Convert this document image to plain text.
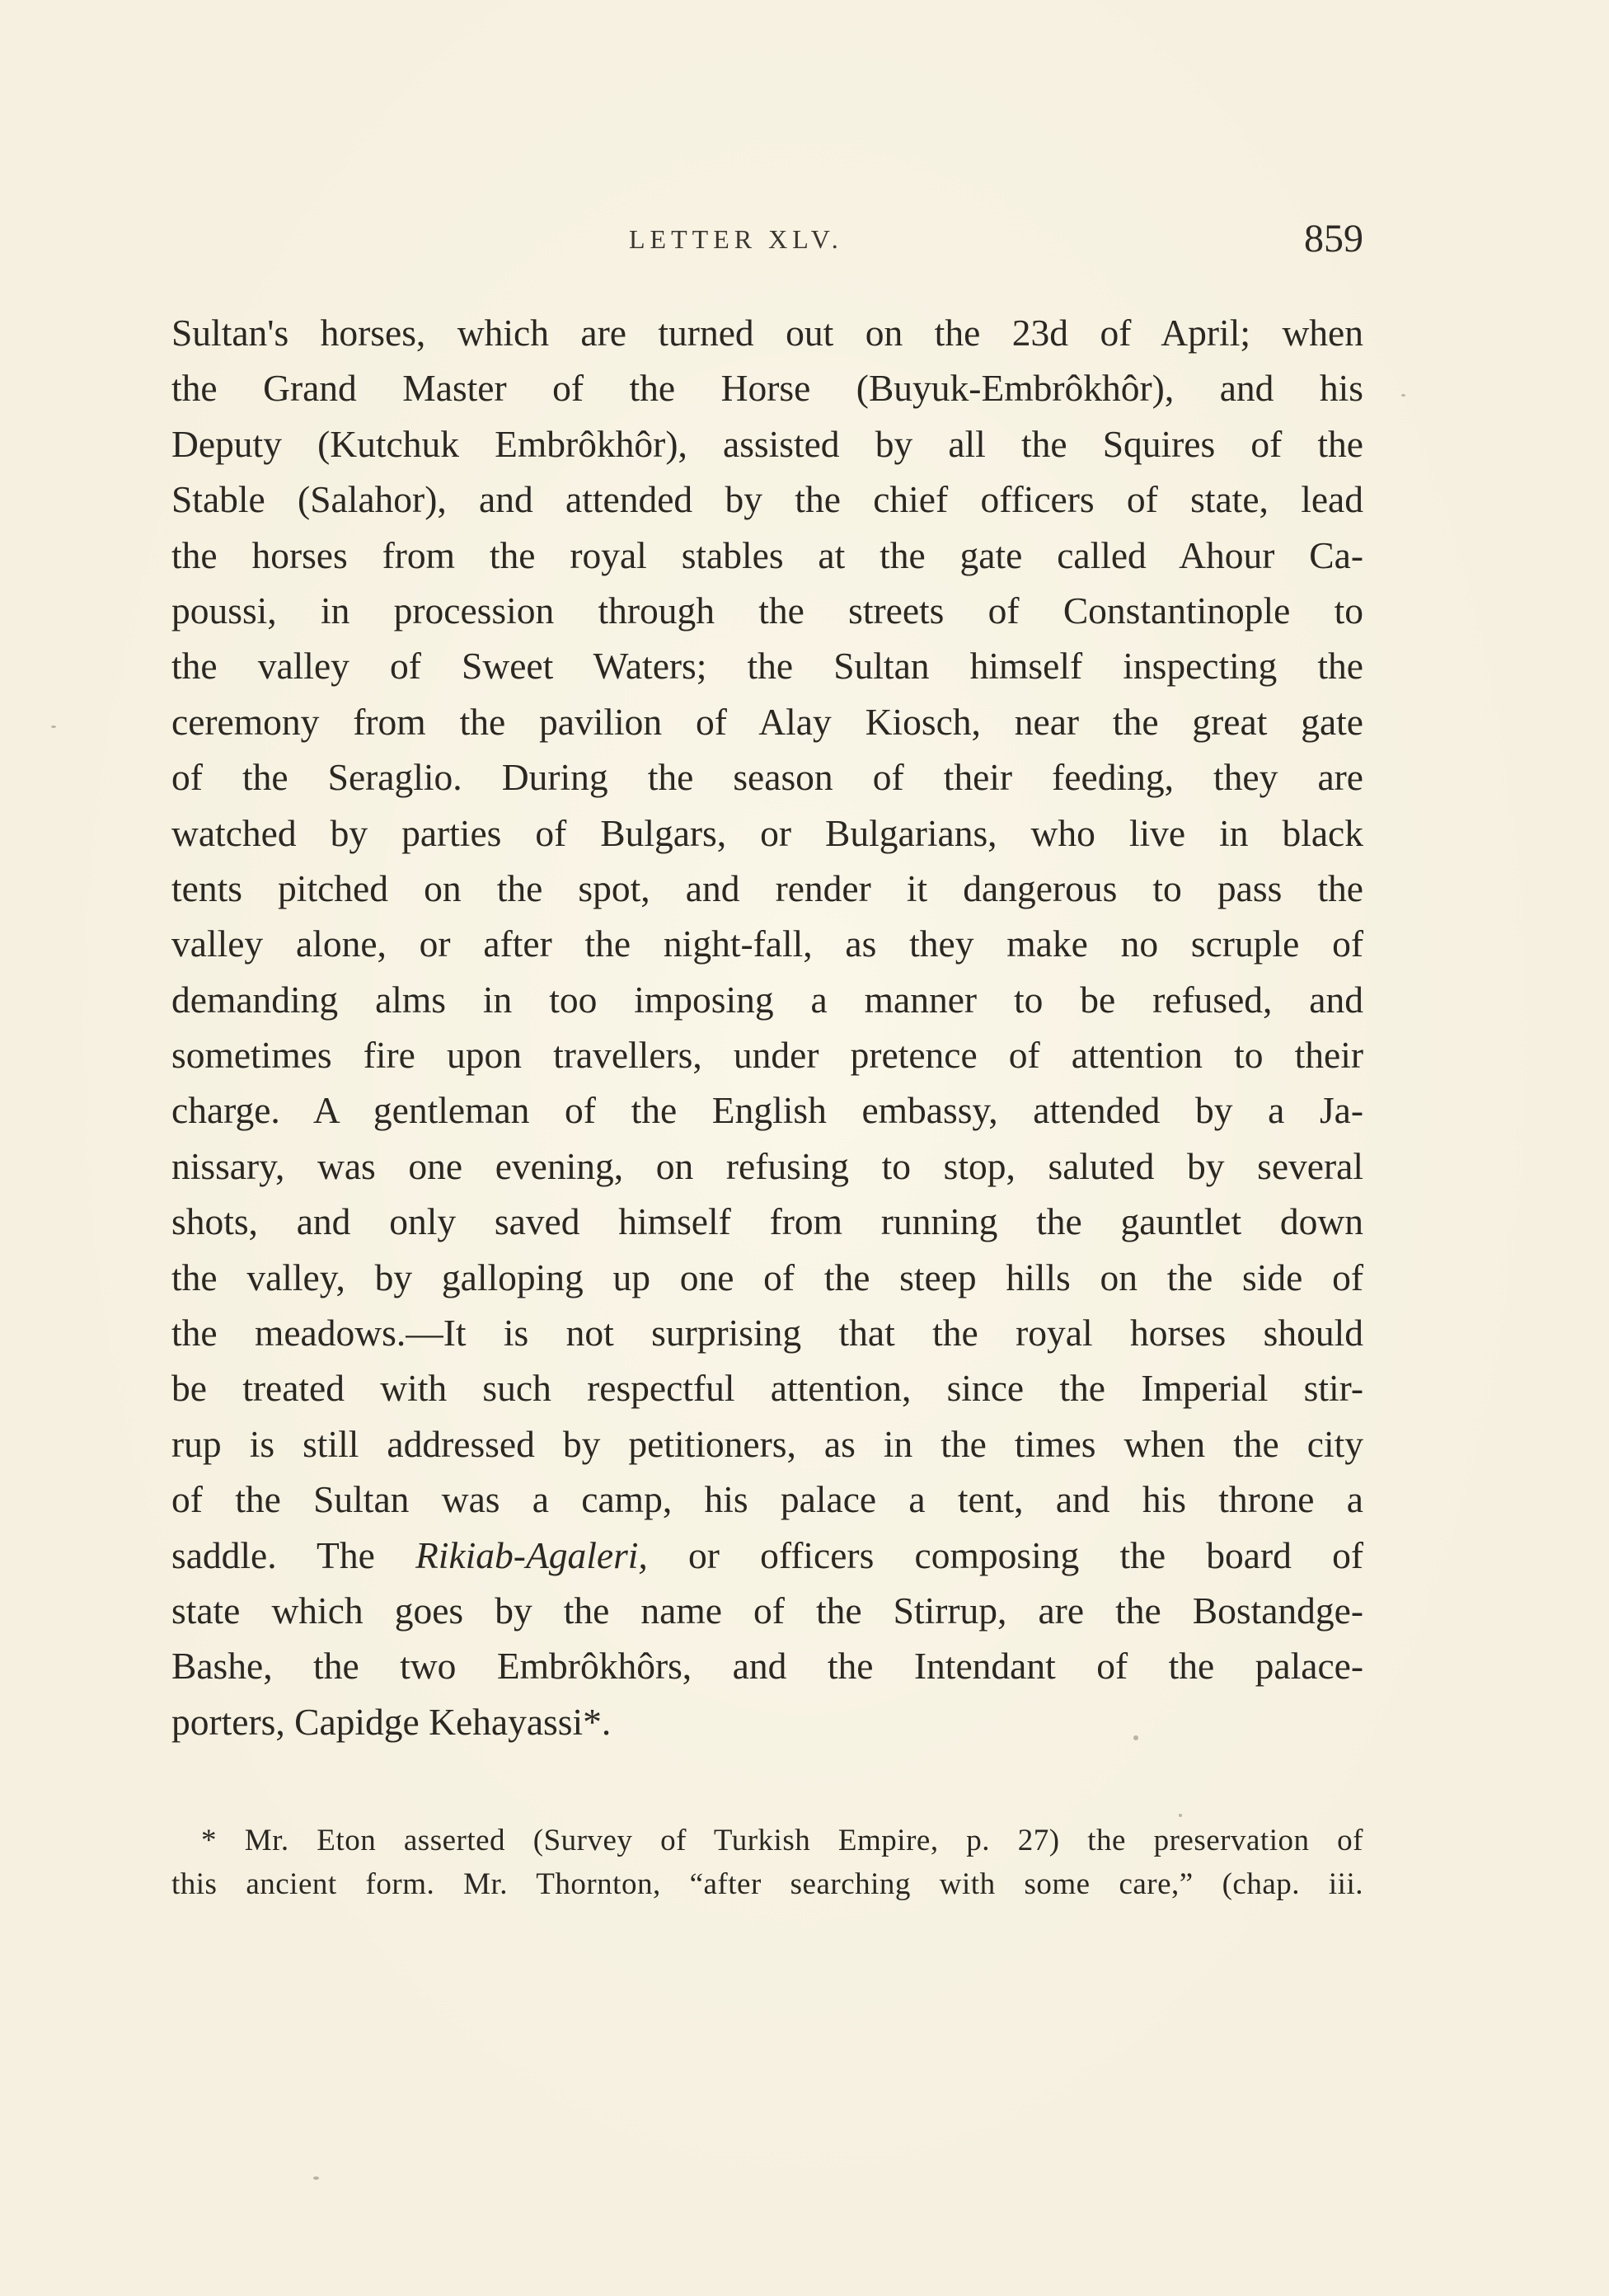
LETTER XLV.	859
Sultan's horses, which are turned out on the 23d of April; when
the Grand Master of the Horse (Buyuk-Embrôkhôr), and his
Deputy (Kutchuk Embrôkhôr), assisted by all the Squires of the
Stable (Salahor), and attended by the chief officers of state, lead
the horses from the royal stables at the gate called Ahour Ca-
poussi, in procession through the streets of Constantinople to
the valley of Sweet Waters; the Sultan himself inspecting the
ceremony from the pavilion of Alay Kiosch, near the great gate
of the Seraglio. During the season of their feeding, they are
watched by parties of Bulgars, or Bulgarians, who live in black
tents pitched on the spot, and render it dangerous to pass the
valley alone, or after the night-fall, as they make no scruple of
demanding alms in too imposing a manner to be refused, and
sometimes fire upon travellers, under pretence of attention to their
charge. A gentleman of the English embassy, attended by a Ja-
nissary, was one evening, on refusing to stop, saluted by several
shots, and only saved himself from running the gauntlet down
the valley, by galloping up one of the steep hills on the side of
the meadows.—It is not surprising that the royal horses should
be treated with such respectful attention, since the Imperial stir-
rup is still addressed by petitioners, as in the times when the city
of the Sultan was a camp, his palace a tent, and his throne a
saddle. The Rikiab-Agaleri, or officers composing the board of
state which goes by the name of the Stirrup, are the Bostandge-
Bashe, the two Embrôkhôrs, and the Intendant of the palace-
porters, Capidge Kehayassi*.
* Mr. Eton asserted (Survey of Turkish Empire, p. 27) the preservation of
this ancient form. Mr. Thornton, “after searching with some care,” (chap. iii.
